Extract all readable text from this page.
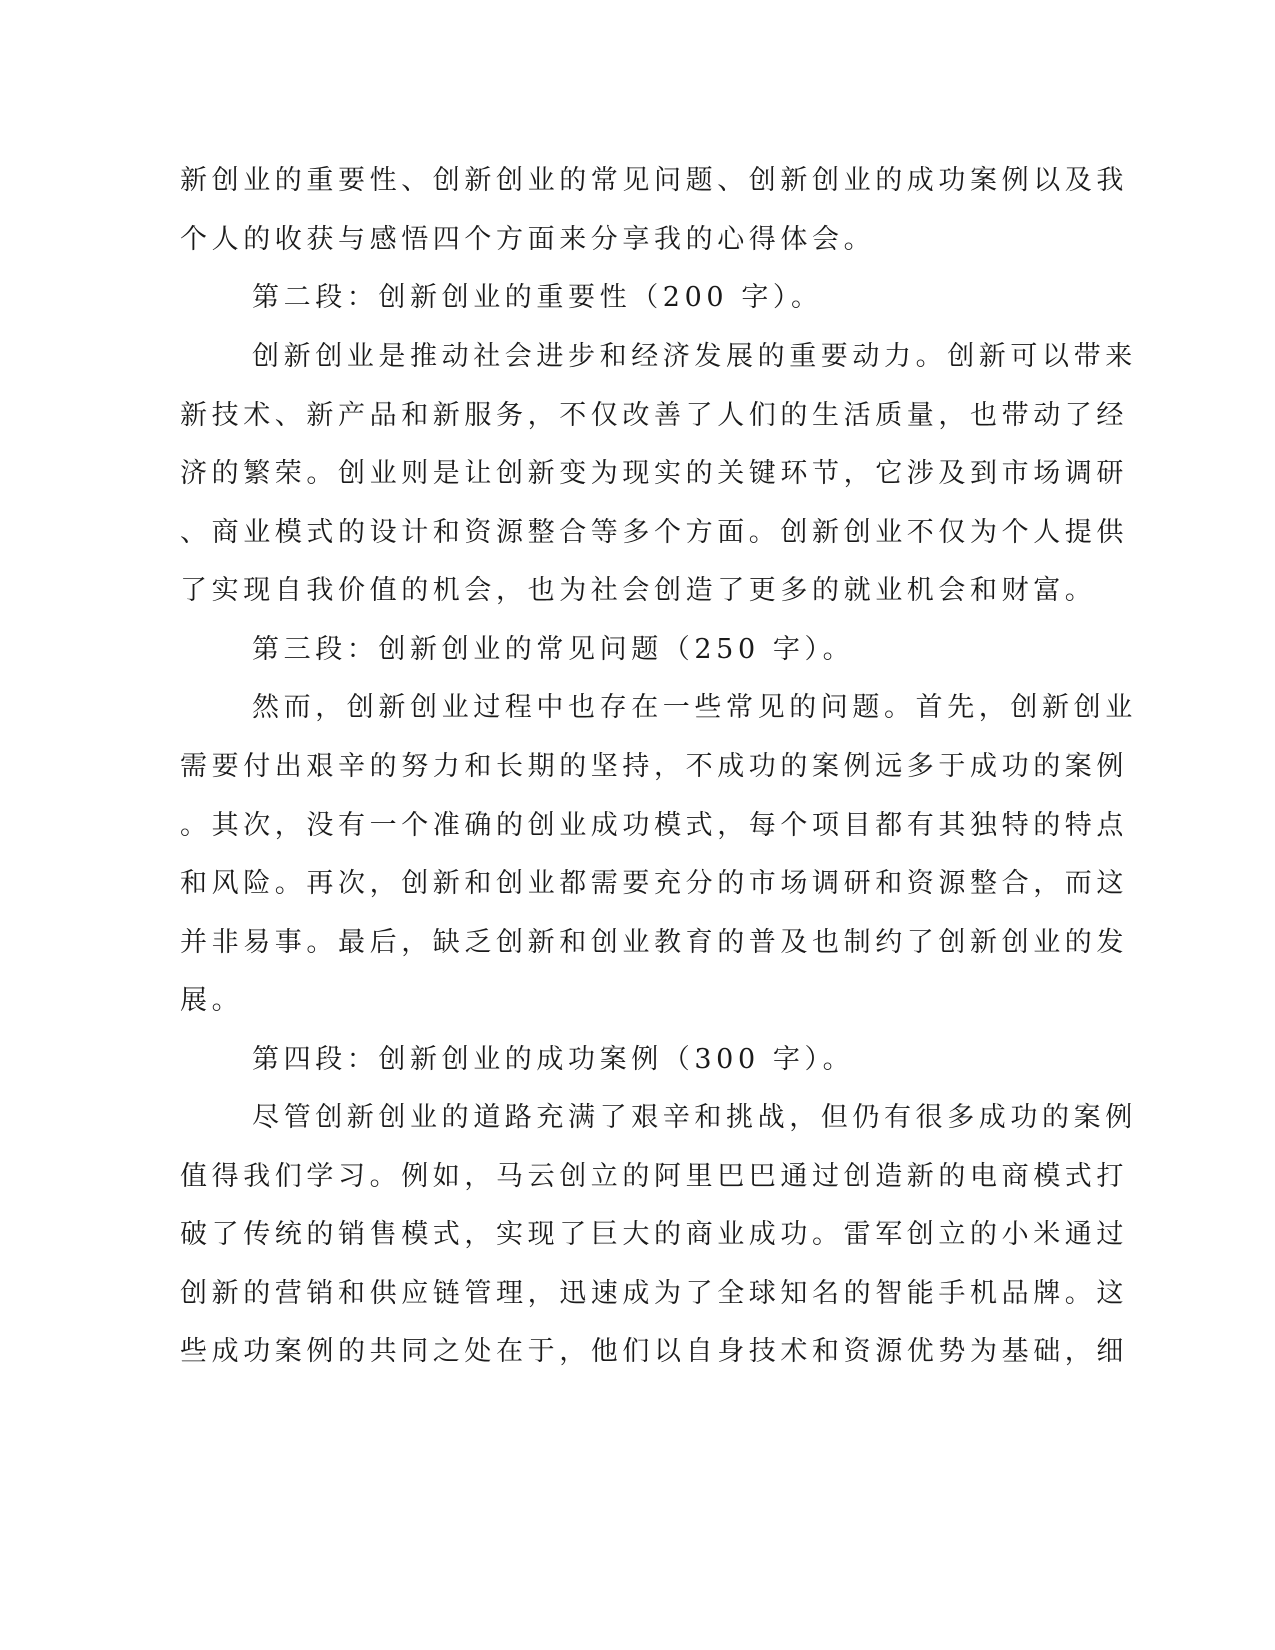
新创业的重要性、创新创业的常见问题、创新创业的成功案例以及我
个人的收获与感悟四个方面来分享我的心得体会。
第二段：创新创业的重要性（200 字）。
创新创业是推动社会进步和经济发展的重要动力。创新可以带来
新技术、新产品和新服务，不仅改善了人们的生活质量，也带动了经
济的繁荣。创业则是让创新变为现实的关键环节，它涉及到市场调研
、商业模式的设计和资源整合等多个方面。创新创业不仅为个人提供
了实现自我价值的机会，也为社会创造了更多的就业机会和财富。
第三段：创新创业的常见问题（250 字）。
然而，创新创业过程中也存在一些常见的问题。首先，创新创业
需要付出艰辛的努力和长期的坚持，不成功的案例远多于成功的案例
。其次，没有一个准确的创业成功模式，每个项目都有其独特的特点
和风险。再次，创新和创业都需要充分的市场调研和资源整合，而这
并非易事。最后，缺乏创新和创业教育的普及也制约了创新创业的发
展。
第四段：创新创业的成功案例（300 字）。
尽管创新创业的道路充满了艰辛和挑战，但仍有很多成功的案例
值得我们学习。例如，马云创立的阿里巴巴通过创造新的电商模式打
破了传统的销售模式，实现了巨大的商业成功。雷军创立的小米通过
创新的营销和供应链管理，迅速成为了全球知名的智能手机品牌。这
些成功案例的共同之处在于，他们以自身技术和资源优势为基础，细
